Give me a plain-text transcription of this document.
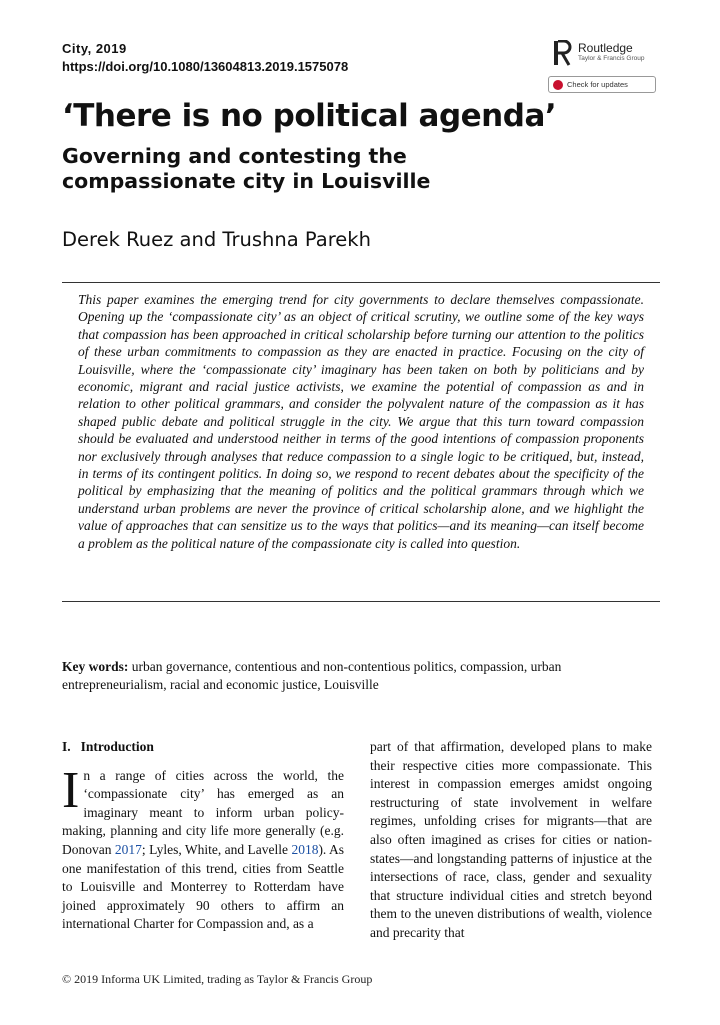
City, 2019
https://doi.org/10.1080/13604813.2019.1575078
Routledge
Taylor & Francis Group
Check for updates
‘There is no political agenda’
Governing and contesting the compassionate city in Louisville
Derek Ruez and Trushna Parekh

This paper examines the emerging trend for city governments to declare themselves compassionate. Opening up the ‘compassionate city’ as an object of critical scrutiny, we outline some of the key ways that compassion has been approached in critical scholarship before turning our attention to the politics of these urban commitments to compassion as they are enacted in practice. Focusing on the city of Louisville, where the ‘compassionate city’ imaginary has been taken on both by politicians and by economic, migrant and racial justice activists, we examine the potential of compassion as and in relation to other political grammars, and consider the polyvalent nature of the compassion as it has shaped public debate and political struggle in the city. We argue that this turn toward compassion should be evaluated and understood neither in terms of the good intentions of compassion proponents nor exclusively through analyses that reduce compassion to a single logic to be critiqued, but, instead, in terms of its contingent politics. In doing so, we respond to recent debates about the specificity of the political by emphasizing that the meaning of politics and the political grammars through which we understand urban problems are never the province of critical scholarship alone, and we highlight the value of approaches that can sensitize us to the ways that politics—and its meaning—can itself become a problem as the political nature of the compassionate city is called into question.

Key words: urban governance, contentious and non-contentious politics, compassion, urban entrepreneurialism, racial and economic justice, Louisville
I. Introduction

In a range of cities across the world, the ‘compassionate city’ has emerged as an imaginary meant to inform urban policy-making, planning and city life more generally (e.g. Donovan 2017; Lyles, White, and Lavelle 2018). As one manifestation of this trend, cities from Seattle to Louisville and Monterrey to Rotterdam have joined approximately 90 others to affirm an international Charter for Compassion and, as a

part of that affirmation, developed plans to make their respective cities more compassionate. This interest in compassion emerges amidst ongoing restructuring of state involvement in welfare regimes, unfolding crises for migrants—that are also often imagined as crises for cities or nation-states—and longstanding patterns of injustice at the intersections of race, class, gender and sexuality that structure individual cities and stretch beyond them to the uneven distributions of wealth, violence and precarity that

© 2019 Informa UK Limited, trading as Taylor & Francis Group
